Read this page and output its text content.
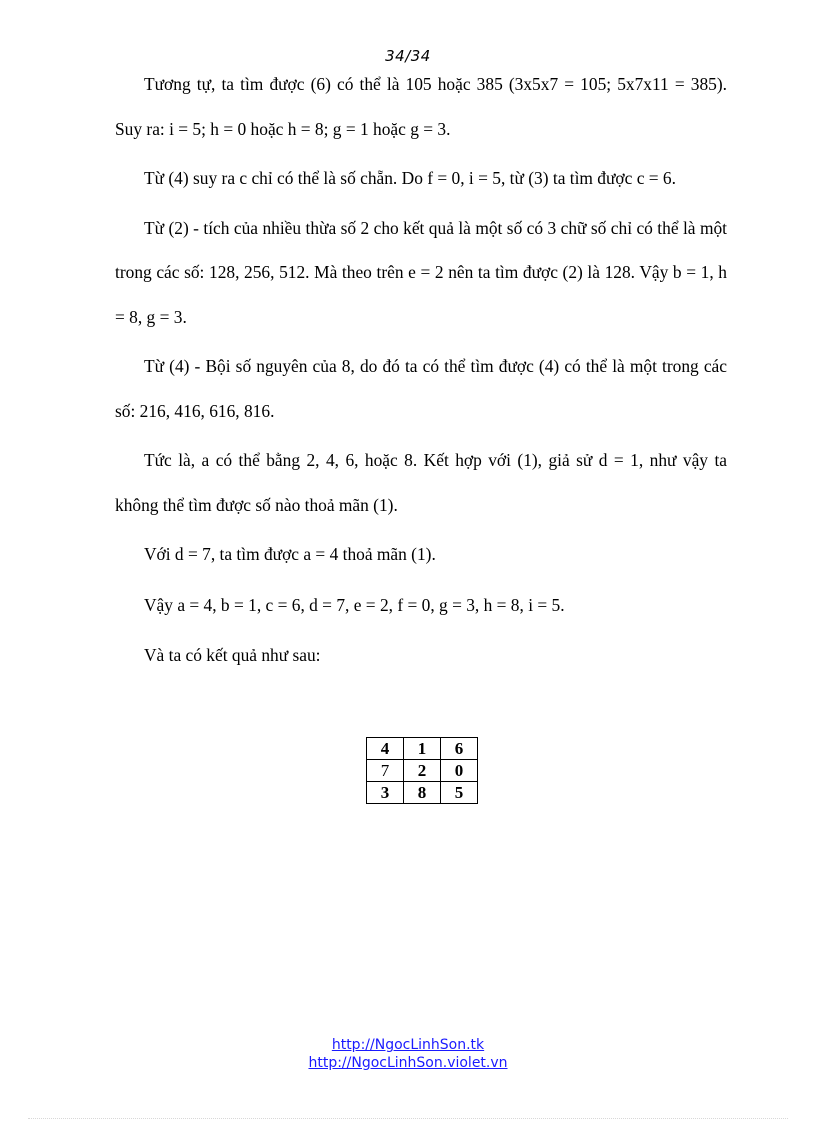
34/34

Tương tự, ta tìm được (6) có thể là 105 hoặc 385 (3x5x7 = 105; 5x7x11 = 385). Suy ra: i = 5; h = 0 hoặc h = 8; g = 1 hoặc g = 3.

Từ (4) suy ra c chỉ có thể là số chẵn. Do f = 0, i = 5, từ (3) ta tìm được c = 6.

Từ (2) - tích của nhiều thừa số 2 cho kết quả là một số có 3 chữ số chỉ có thể là một trong các số: 128, 256, 512. Mà theo trên e = 2 nên ta tìm được (2) là 128. Vậy b = 1, h = 8, g = 3.

Từ (4) - Bội số nguyên của 8, do đó ta có thể tìm được (4) có thể là một trong các số: 216, 416, 616, 816.

Tức là, a có thể bằng 2, 4, 6, hoặc 8. Kết hợp với (1), giả sử d = 1, như vậy ta không thể tìm được số nào thoả mãn (1).

Với d = 7, ta tìm được a = 4 thoả mãn (1).

Vậy a = 4, b = 1, c = 6, d = 7, e = 2, f = 0, g = 3, h = 8, i = 5.

Và ta có kết quả như sau:

4	1	6
7	2	0
3	8	5
http://NgocLinhSon.tk
http://NgocLinhSon.violet.vn
